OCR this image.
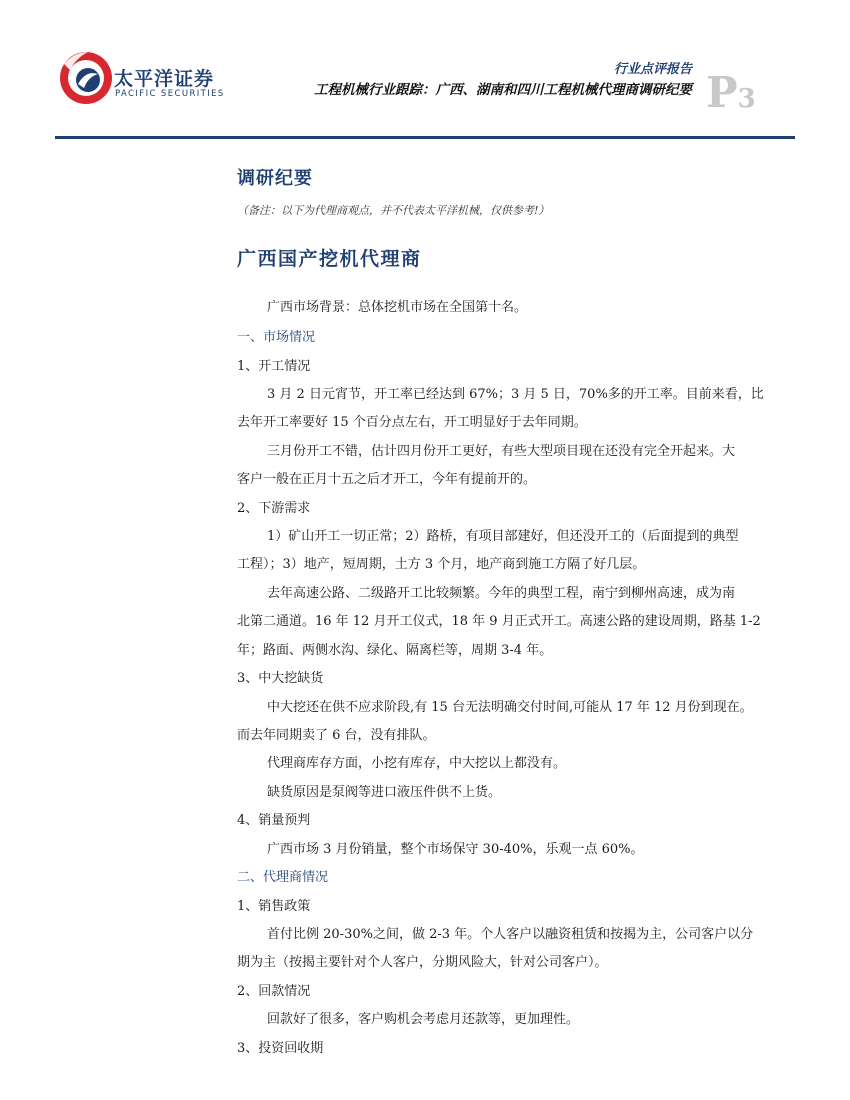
太平洋证券
PACIFIC SECURITIES
行业点评报告
工程机械行业跟踪：广西、湖南和四川工程机械代理商调研纪要 P3
调研纪要
（备注：以下为代理商观点，并不代表太平洋机械，仅供参考!）
广西国产挖机代理商
广西市场背景：总体挖机市场在全国第十名。
一、市场情况
1、开工情况
3 月 2 日元宵节，开工率已经达到 67%；3 月 5 日，70%多的开工率。目前来看，比
去年开工率要好 15 个百分点左右，开工明显好于去年同期。
三月份开工不错，估计四月份开工更好，有些大型项目现在还没有完全开起来。大
客户一般在正月十五之后才开工，今年有提前开的。
2、下游需求
1）矿山开工一切正常；2）路桥，有项目部建好，但还没开工的（后面提到的典型
工程）；3）地产，短周期，土方 3 个月，地产商到施工方隔了好几层。
去年高速公路、二级路开工比较频繁。今年的典型工程，南宁到柳州高速，成为南
北第二通道。16 年 12 月开工仪式，18 年 9 月正式开工。高速公路的建设周期，路基 1-2
年；路面、两侧水沟、绿化、隔离栏等，周期 3-4 年。
3、中大挖缺货
中大挖还在供不应求阶段,有 15 台无法明确交付时间,可能从 17 年 12 月份到现在。
而去年同期卖了 6 台，没有排队。
代理商库存方面，小挖有库存，中大挖以上都没有。
缺货原因是泵阀等进口液压件供不上货。
4、销量预判
广西市场 3 月份销量，整个市场保守 30-40%，乐观一点 60%。
二、代理商情况
1、销售政策
首付比例 20-30%之间，做 2-3 年。个人客户以融资租赁和按揭为主，公司客户以分
期为主（按揭主要针对个人客户，分期风险大，针对公司客户）。
2、回款情况
回款好了很多，客户购机会考虑月还款等，更加理性。
3、投资回收期
